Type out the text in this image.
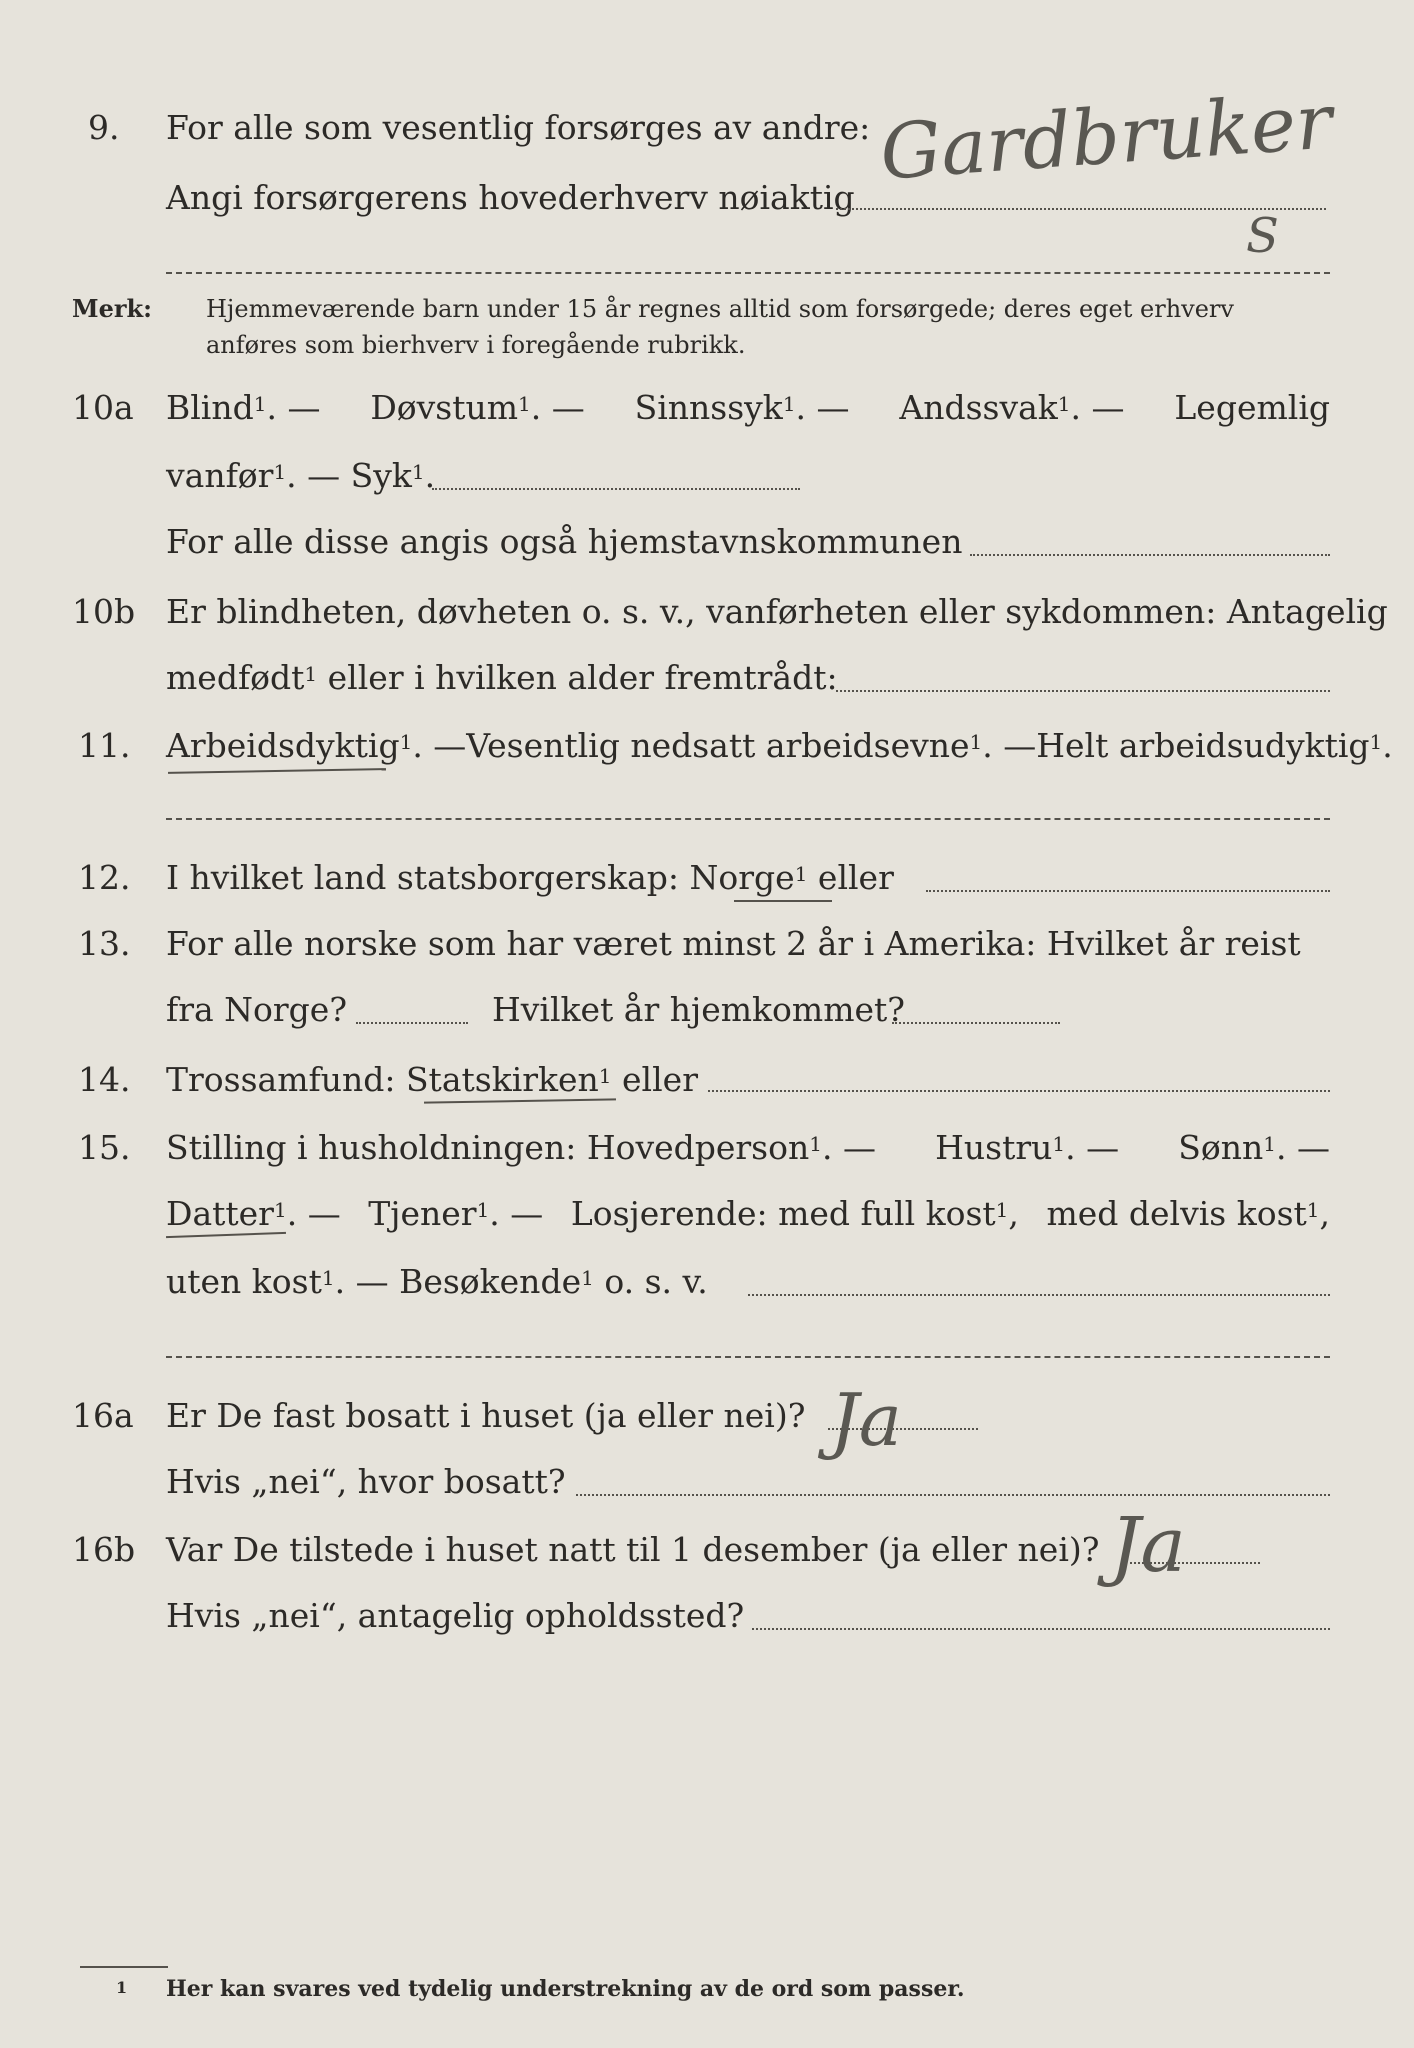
9. For alle som vesentlig forsørges av andre:
Angi forsørgerens hovederhverv nøiaktig
Gardbruker
S
Merk: Hjemmeværende barn under 15 år regnes alltid som forsørgede; deres eget erhverv
anføres som bierhverv i foregående rubrikk.
10a Blind$^1$. — Døvstum$^1$. — Sinnssyk$^1$. — Andssvak$^1$. — Legemlig
vanfør$^1$. — Syk$^1$.
For alle disse angis også hjemstavnskommunen
10b Er blindheten, døvheten o. s. v., vanførheten eller sykdommen: Antagelig
medfødt$^1$ eller i hvilken alder fremtrådt:
11. Arbeidsdyktig$^1$. — Vesentlig nedsatt arbeidsevne$^1$. — Helt arbeidsudyktig$^1$.
12. I hvilket land statsborgerskap: Norge$^1$ eller
13. For alle norske som har været minst 2 år i Amerika: Hvilket år reist
fra Norge?	Hvilket år hjemkommet?
14. Trossamfund: Statskirken$^1$ eller
15. Stilling i husholdningen: Hovedperson$^1$. — Hustru$^1$. — Sønn$^1$. —
Datter$^1$. — Tjener$^1$. — Losjerende: med full kost$^1$, med delvis kost$^1$,
uten kost$^1$. — Besøkende$^1$ o. s. v.
16a Er De fast bosatt i huset (ja eller nei)? Ja
Hvis „nei“, hvor bosatt?
16b Var De tilstede i huset natt til 1 desember (ja eller nei)? Ja
Hvis „nei“, antagelig opholdssted?
1 Her kan svares ved tydelig understrekning av de ord som passer.
